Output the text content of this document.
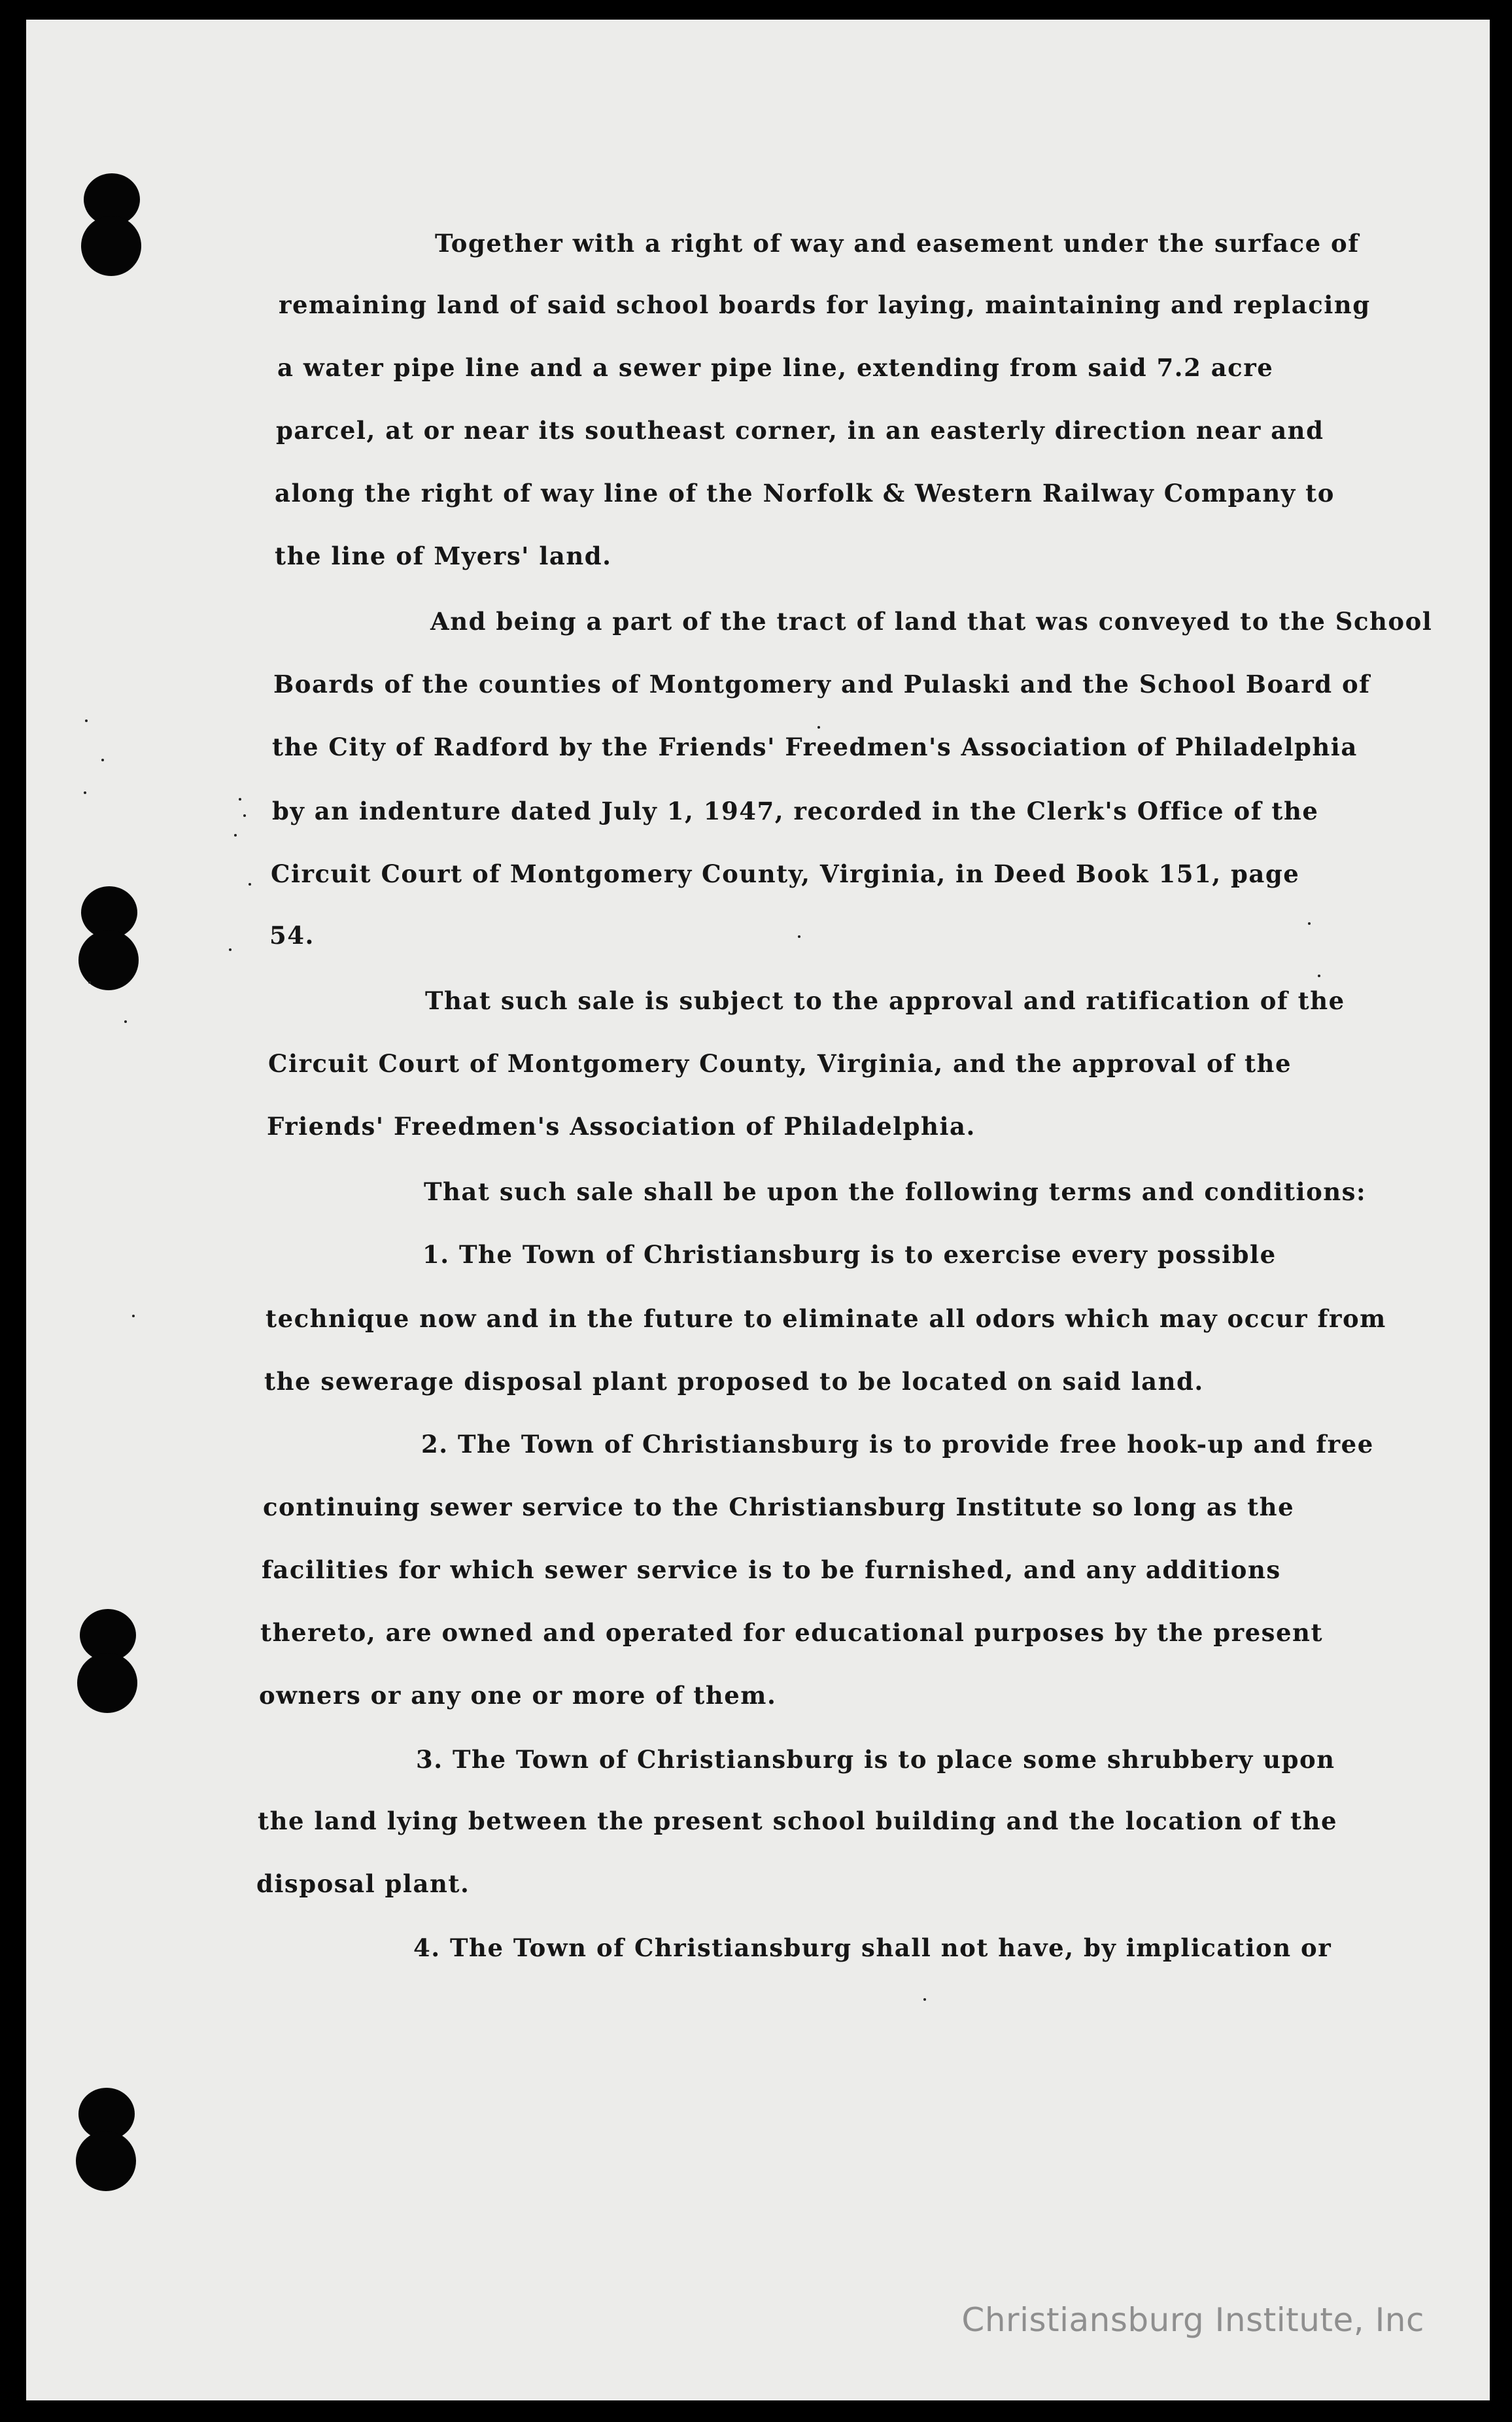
Together with a right of way and easement under the surface of
remaining land of said school boards for laying, maintaining and replacing
a water pipe line and a sewer pipe line, extending from said 7.2 acre
parcel, at or near its southeast corner, in an easterly direction near and
along the right of way line of the Norfolk & Western Railway Company to
the line of Myers' land.
And being a part of the tract of land that was conveyed to the School
Boards of the counties of Montgomery and Pulaski and the School Board of
the City of Radford by the Friends' Freedmen's Association of Philadelphia
by an indenture dated July 1, 1947, recorded in the Clerk's Office of the
Circuit Court of Montgomery County, Virginia, in Deed Book 151, page
54.
That such sale is subject to the approval and ratification of the
Circuit Court of Montgomery County, Virginia, and the approval of the
Friends' Freedmen's Association of Philadelphia.
That such sale shall be upon the following terms and conditions:
1. The Town of Christiansburg is to exercise every possible
technique now and in the future to eliminate all odors which may occur from
the sewerage disposal plant proposed to be located on said land.
2. The Town of Christiansburg is to provide free hook-up and free
continuing sewer service to the Christiansburg Institute so long as the
facilities for which sewer service is to be furnished, and any additions
thereto, are owned and operated for educational purposes by the present
owners or any one or more of them.
3. The Town of Christiansburg is to place some shrubbery upon
the land lying between the present school building and the location of the
disposal plant.
4. The Town of Christiansburg shall not have, by implication or
Christiansburg Institute, Inc
